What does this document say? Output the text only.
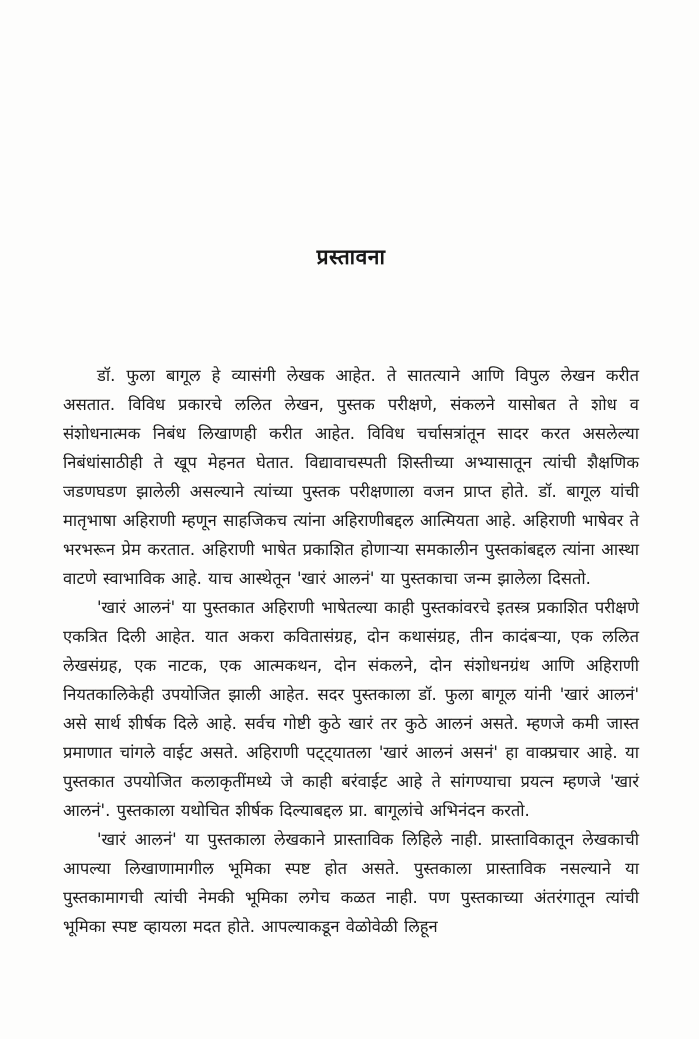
प्रस्तावना

डॉ. फुला बागूल हे व्यासंगी लेखक आहेत. ते सातत्याने आणि विपुल लेखन करीत असतात. विविध प्रकारचे ललित लेखन, पुस्तक परीक्षणे, संकलने यासोबत ते शोध व संशोधनात्मक निबंध लिखाणही करीत आहेत. विविध चर्चासत्रांतून सादर करत असलेल्या निबंधांसाठीही ते खूप मेहनत घेतात. विद्यावाचस्पती शिस्तीच्या अभ्यासातून त्यांची शैक्षणिक जडणघडण झालेली असल्याने त्यांच्या पुस्तक परीक्षणाला वजन प्राप्त होते. डॉ. बागूल यांची मातृभाषा अहिराणी म्हणून साहजिकच त्यांना अहिराणीबद्दल आत्मियता आहे. अहिराणी भाषेवर ते भरभरून प्रेम करतात. अहिराणी भाषेत प्रकाशित होणाऱ्या समकालीन पुस्तकांबद्दल त्यांना आस्था वाटणे स्वाभाविक आहे. याच आस्थेतून 'खारं आलनं' या पुस्तकाचा जन्म झालेला दिसतो.

'खारं आलनं' या पुस्तकात अहिराणी भाषेतल्या काही पुस्तकांवरचे इतस्त्र प्रकाशित परीक्षणे एकत्रित दिली आहेत. यात अकरा कवितासंग्रह, दोन कथासंग्रह, तीन कादंबऱ्या, एक ललित लेखसंग्रह, एक नाटक, एक आत्मकथन, दोन संकलने, दोन संशोधनग्रंथ आणि अहिराणी नियतकालिकेही उपयोजित झाली आहेत. सदर पुस्तकाला डॉ. फुला बागूल यांनी 'खारं आलनं' असे सार्थ शीर्षक दिले आहे. सर्वच गोष्टी कुठे खारं तर कुठे आलनं असते. म्हणजे कमी जास्त प्रमाणात चांगले वाईट असते. अहिराणी पट्ट्यातला 'खारं आलनं असनं' हा वाक्प्रचार आहे. या पुस्तकात उपयोजित कलाकृतींमध्ये जे काही बरंवाईट आहे ते सांगण्याचा प्रयत्न म्हणजे 'खारं आलनं'. पुस्तकाला यथोचित शीर्षक दिल्याबद्दल प्रा. बागूलांचे अभिनंदन करतो.

'खारं आलनं' या पुस्तकाला लेखकाने प्रास्ताविक लिहिले नाही. प्रास्ताविकातून लेखकाची आपल्या लिखाणामागील भूमिका स्पष्ट होत असते. पुस्तकाला प्रास्ताविक नसल्याने या पुस्तकामागची त्यांची नेमकी भूमिका लगेच कळत नाही. पण पुस्तकाच्या अंतरंगातून त्यांची भूमिका स्पष्ट व्हायला मदत होते. आपल्याकडून वेळोवेळी लिहून
